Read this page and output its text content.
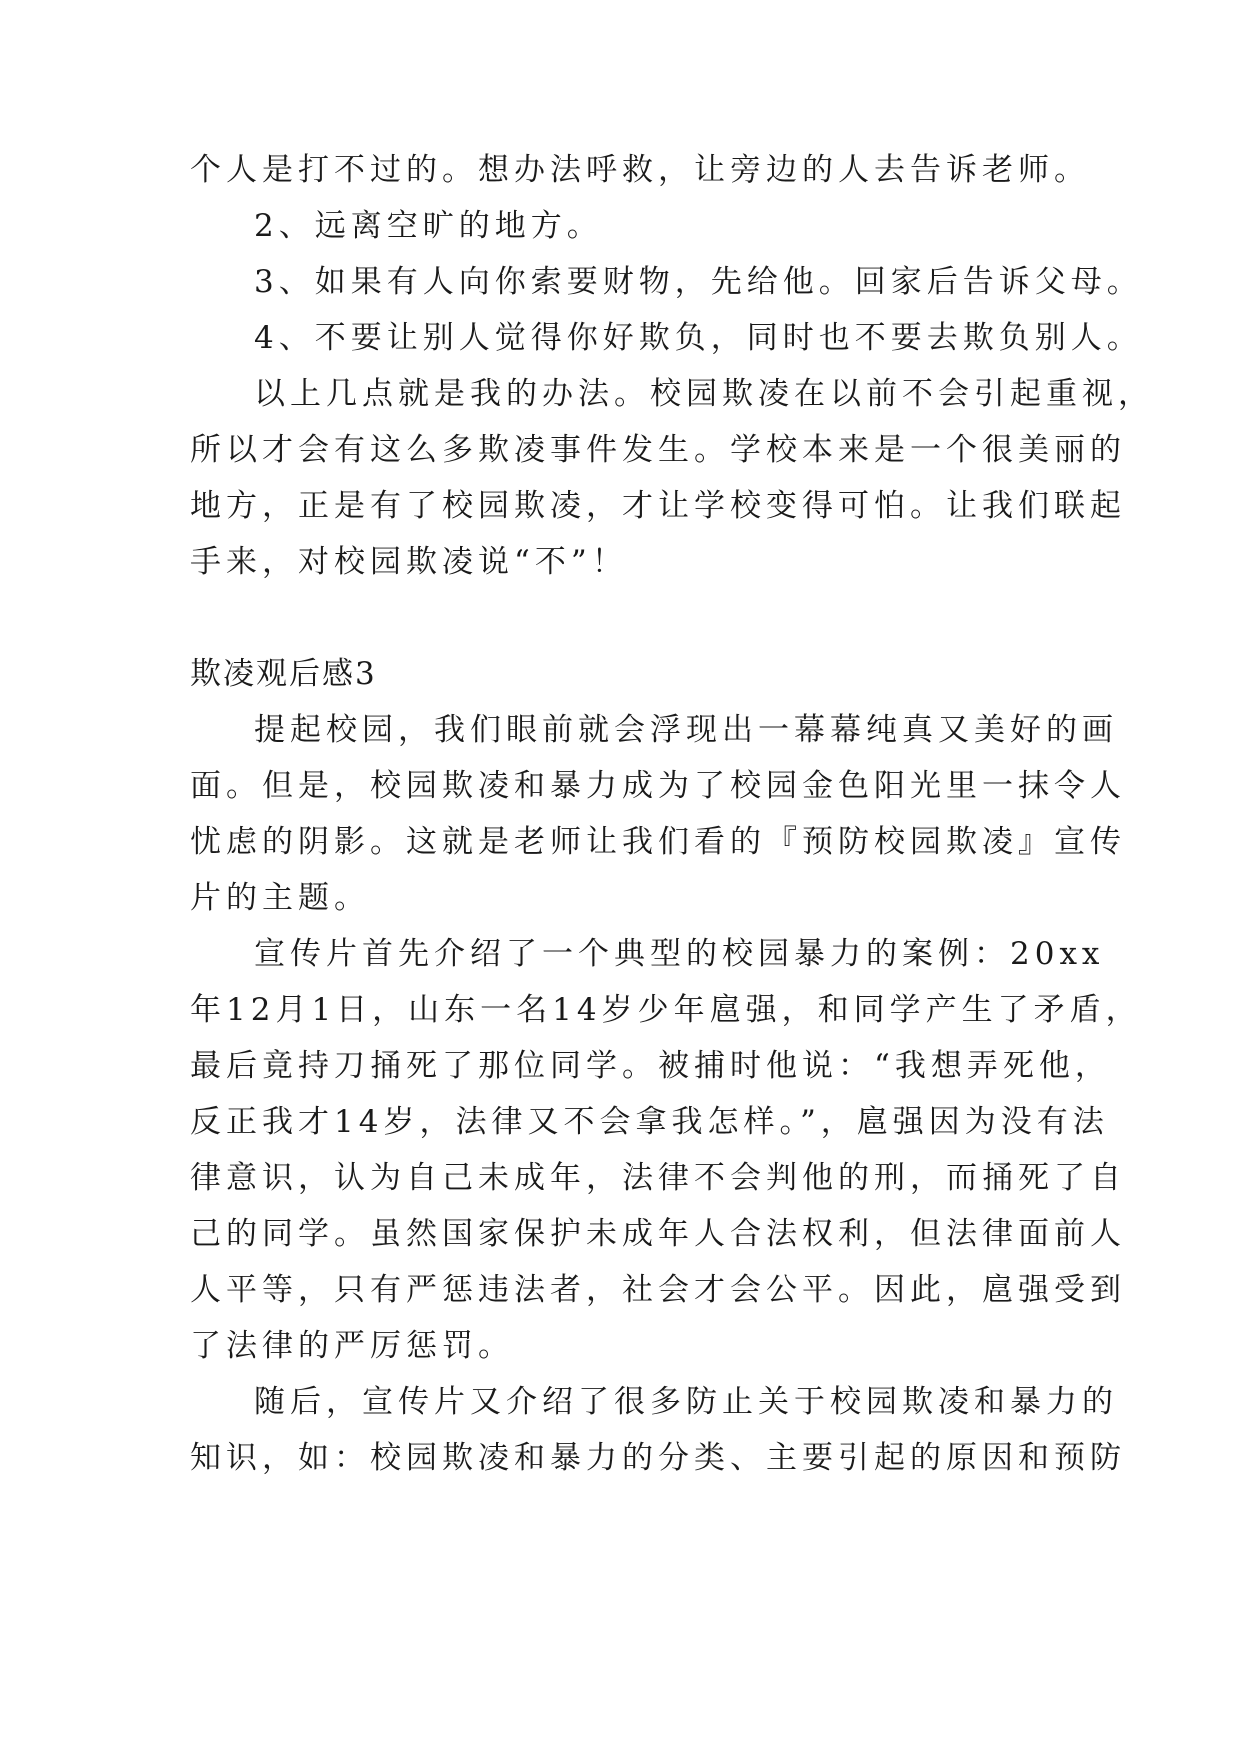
个人是打不过的。想办法呼救，让旁边的人去告诉老师。
2、远离空旷的地方。
3、如果有人向你索要财物，先给他。回家后告诉父母。
4、不要让别人觉得你好欺负，同时也不要去欺负别人。
以上几点就是我的办法。校园欺凌在以前不会引起重视，
所以才会有这么多欺凌事件发生。学校本来是一个很美丽的
地方，正是有了校园欺凌，才让学校变得可怕。让我们联起
手来，对校园欺凌说“不”！
欺凌观后感3
提起校园，我们眼前就会浮现出一幕幕纯真又美好的画
面。但是，校园欺凌和暴力成为了校园金色阳光里一抹令人
忧虑的阴影。这就是老师让我们看的『预防校园欺凌』宣传
片的主题。
宣传片首先介绍了一个典型的校园暴力的案例：20xx
年12月1日，山东一名14岁少年扈强，和同学产生了矛盾，
最后竟持刀捅死了那位同学。被捕时他说：“我想弄死他，
反正我才14岁，法律又不会拿我怎样。”，扈强因为没有法
律意识，认为自己未成年，法律不会判他的刑，而捅死了自
己的同学。虽然国家保护未成年人合法权利，但法律面前人
人平等，只有严惩违法者，社会才会公平。因此，扈强受到
了法律的严厉惩罚。
随后，宣传片又介绍了很多防止关于校园欺凌和暴力的
知识，如：校园欺凌和暴力的分类、主要引起的原因和预防
